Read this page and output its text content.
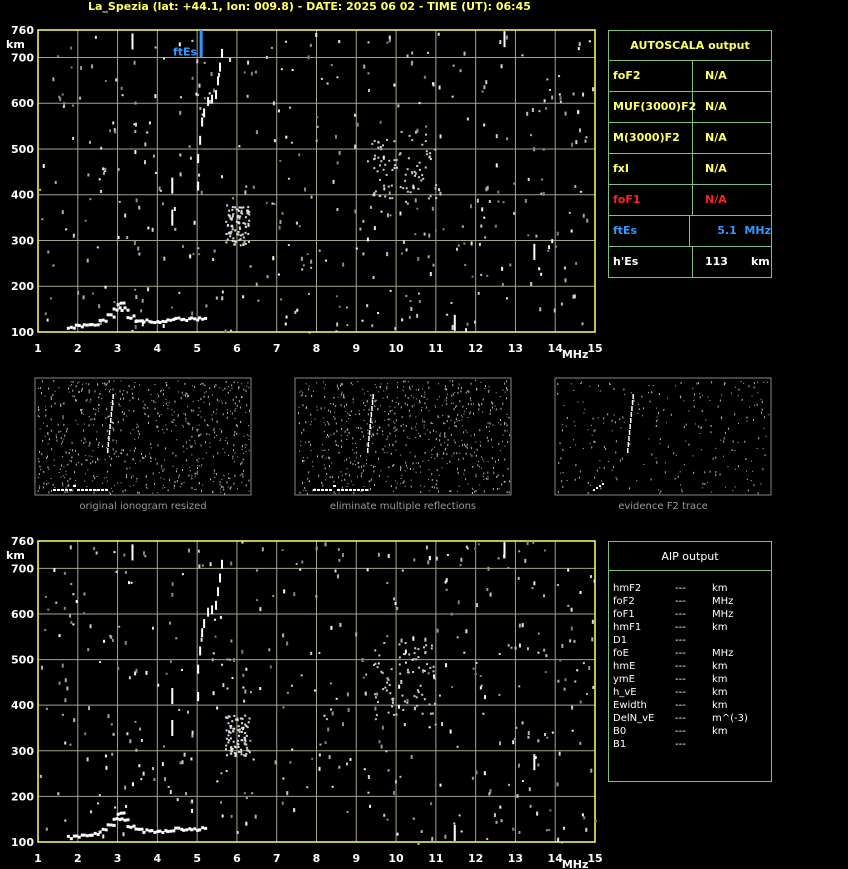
La_Spezia (lat: +44.1, lon: 009.8) - DATE: 2025 06 02 - TIME (UT): 06:45
1	2	3	4	5	6	7	8	9	10 11 12 13 14 15
MHz
100
200
300
400
500
600
700
760
km
ftEs
1	2	3	4	5	6	7	8	9	10 11 12 13 14 15
MHz
100
200
300
400
500
600
700
760
km
AUTOSCALA output
foF2	N/A
MUF(3000)F2 N/A
M(3000)F2	N/A
fxI	N/A
foF1	N/A
ftEs	5.1  MHz
h'Es	113      km
original ionogram resized	eliminate multiple reflections	evidence F2 trace
AIP output
hmF2	---	km
foF2	---	MHz
foF1	---	MHz
hmF1	---	km
D1	---
foE	---	MHz
hmE	---	km
ymE	---	km
h_vE	---	km
Ewidth	---	km
DelN_vE	---	m^(-3)
B0	---	km
B1	---
